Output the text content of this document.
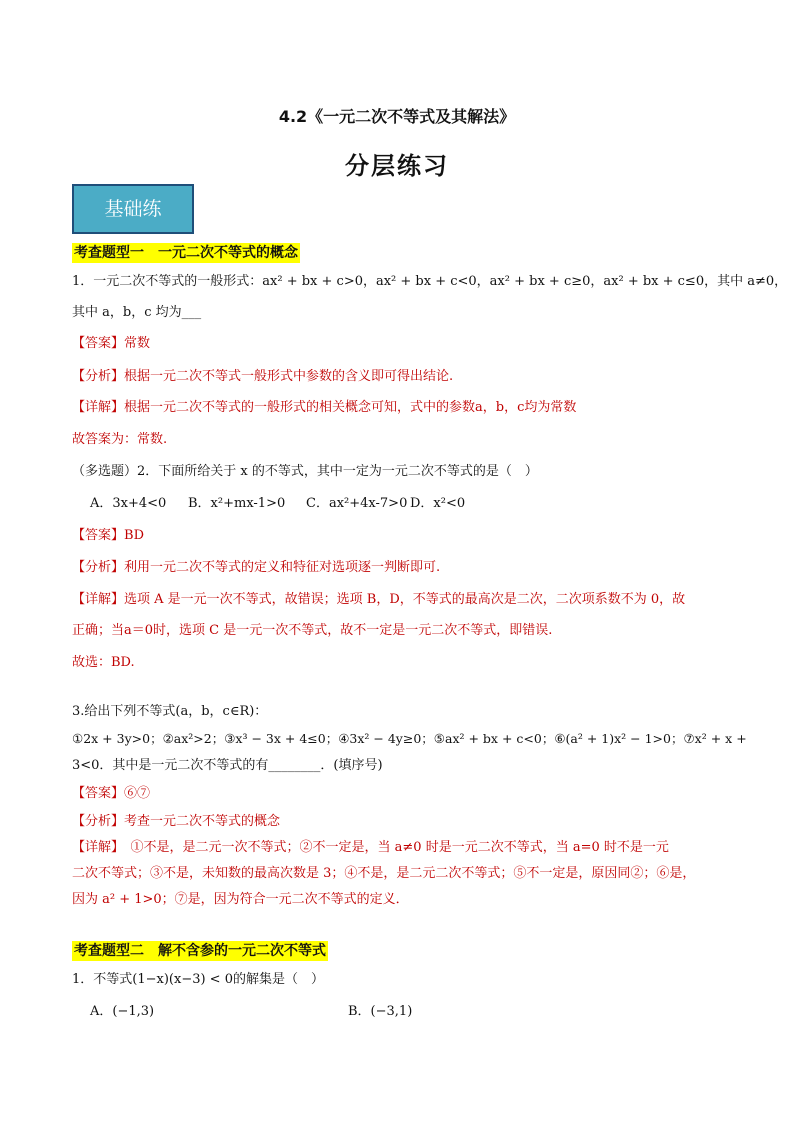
4.2《一元二次不等式及其解法》
分层练习
基础练
考查题型一　一元二次不等式的概念
1．一元二次不等式的一般形式：ax² + bx + c>0，ax² + bx + c<0，ax² + bx + c≥0，ax² + bx + c≤0，其中 a≠0，
其中 a，b，c 均为___
【答案】常数
【分析】根据一元二次不等式一般形式中参数的含义即可得出结论.
【详解】根据一元二次不等式的一般形式的相关概念可知，式中的参数a，b，c均为常数
故答案为：常数.
（多选题）2．下面所给关于 x 的不等式，其中一定为一元二次不等式的是（　）
A．3x+4<0 B．x²+mx-1>0 C．ax²+4x-7>0 D．x²<0
【答案】BD
【分析】利用一元二次不等式的定义和特征对选项逐一判断即可.
【详解】选项 A 是一元一次不等式，故错误；选项 B，D，不等式的最高次是二次，二次项系数不为 0，故
正确；当a＝0时，选项 C 是一元一次不等式，故不一定是一元二次不等式，即错误.
故选：BD.
3.给出下列不等式(a，b，c∈R)：
①2x + 3y>0；②ax²>2；③x³ − 3x + 4≤0；④3x² − 4y≥0；⑤ax² + bx + c<0；⑥(a² + 1)x² − 1>0；⑦x² + x +
3<0．其中是一元二次不等式的有________．(填序号)
【答案】⑥⑦
【分析】考查一元二次不等式的概念
【详解】　①不是，是二元一次不等式；②不一定是，当 a≠0 时是一元二次不等式，当 a=0 时不是一元
二次不等式；③不是，未知数的最高次数是 3；④不是，是二元二次不等式；⑤不一定是，原因同②；⑥是，
因为 a² + 1>0；⑦是，因为符合一元二次不等式的定义．
考查题型二　解不含参的一元二次不等式
1．不等式(1−x)(x−3) < 0的解集是（　）
A．(−1,3)	B．(−3,1)
